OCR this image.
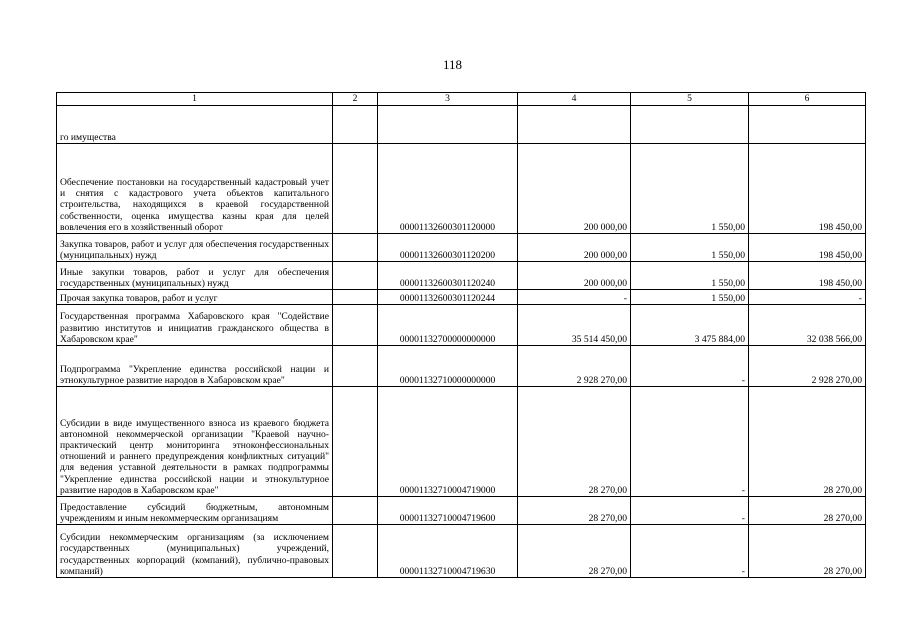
118
1	2	3	4	5	6
го имущества					
Обеспечение постановки на государственный кадастровый учет и снятия с кадастрового учета объектов капитального строительства, находящихся в краевой государственной собственности, оценка имущества казны края для целей вовлечения его в хозяйственный оборот		00001132600301120000	200 000,00	1 550,00	198 450,00
Закупка товаров, работ и услуг для обеспечения государственных (муниципальных) нужд		00001132600301120200	200 000,00	1 550,00	198 450,00
Иные закупки товаров, работ и услуг для обеспечения государственных (муниципальных) нужд		00001132600301120240	200 000,00	1 550,00	198 450,00
Прочая закупка товаров, работ и услуг		00001132600301120244	-	1 550,00	-
Государственная программа Хабаровского края "Содействие развитию институтов и инициатив гражданского общества в Хабаровском крае"		00001132700000000000	35 514 450,00	3 475 884,00	32 038 566,00
Подпрограмма "Укрепление единства российской нации и этнокультурное развитие народов в Хабаровском крае"		00001132710000000000	2 928 270,00	-	2 928 270,00
Субсидии в виде имущественного взноса из краевого бюджета автономной некоммерческой организации "Краевой научно-практический центр мониторинга этноконфессиональных отношений и раннего предупреждения конфликтных ситуаций" для ведения уставной деятельности в рамках подпрограммы "Укрепление единства российской нации и этнокультурное развитие народов в Хабаровском крае"		00001132710004719000	28 270,00	-	28 270,00
Предоставление субсидий бюджетным, автономным учреждениям и иным некоммерческим организациям		00001132710004719600	28 270,00	-	28 270,00
Субсидии некоммерческим организациям (за исключением государственных (муниципальных) учреждений, государственных корпораций (компаний), публично-правовых компаний)		00001132710004719630	28 270,00	-	28 270,00
